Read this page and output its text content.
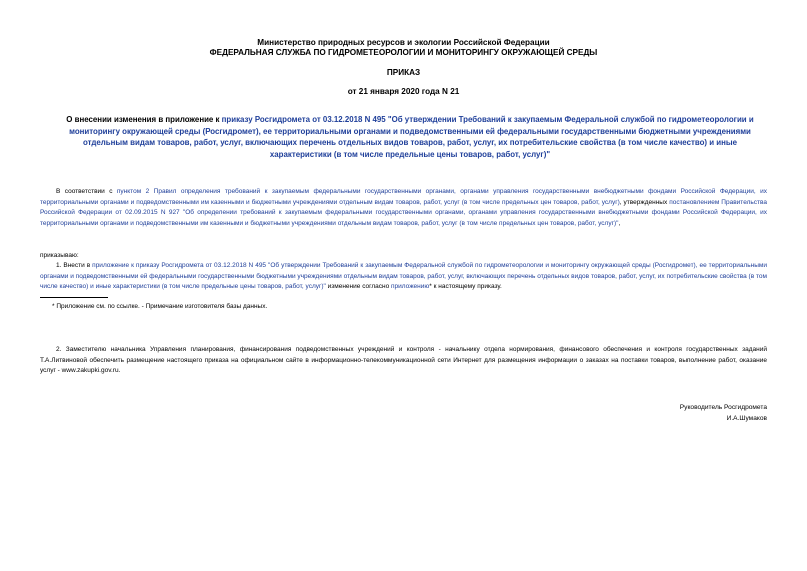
Министерство природных ресурсов и экологии Российской Федерации
ФЕДЕРАЛЬНАЯ СЛУЖБА ПО ГИДРОМЕТЕОРОЛОГИИ И МОНИТОРИНГУ ОКРУЖАЮЩЕЙ СРЕДЫ
ПРИКАЗ
от 21 января 2020 года N 21
О внесении изменения в приложение к приказу Росгидромета от 03.12.2018 N 495 "Об утверждении Требований к закупаемым Федеральной службой по гидрометеорологии и мониторингу окружающей среды (Росгидромет), ее территориальными органами и подведомственными ей федеральными государственными бюджетными учреждениями отдельным видам товаров, работ, услуг, включающих перечень отдельных видов товаров, работ, услуг, их потребительские свойства (в том числе качество) и иные характеристики (в том числе предельные цены товаров, работ, услуг)"
В соответствии с пунктом 2 Правил определения требований к закупаемым федеральными государственными органами, органами управления государственными внебюджетными фондами Российской Федерации, их территориальными органами и подведомственными им казенными и бюджетными учреждениями отдельным видам товаров, работ, услуг (в том числе предельных цен товаров, работ, услуг), утвержденных постановлением Правительства Российской Федерации от 02.09.2015 N 927 "Об определении требований к закупаемым федеральными государственными органами, органами управления государственными внебюджетными фондами Российской Федерации, их территориальными органами и подведомственными им казенными и бюджетными учреждениями отдельным видам товаров, работ, услуг (в том числе предельных цен товаров, работ, услуг)",
приказываю:
1. Внести в приложение к приказу Росгидромета от 03.12.2018 N 495 "Об утверждении Требований к закупаемым Федеральной службой по гидрометеорологии и мониторингу окружающей среды (Росгидромет), ее территориальными органами и подведомственными ей федеральными государственными бюджетными учреждениями отдельным видам товаров, работ, услуг, включающих перечень отдельных видов товаров, работ, услуг, их потребительские свойства (в том числе качество) и иные характеристики (в том числе предельные цены товаров, работ, услуг)" изменение согласно приложению* к настоящему приказу.
* Приложение см. по ссылке. - Примечание изготовителя базы данных.
2. Заместителю начальника Управления планирования, финансирования подведомственных учреждений и контроля - начальнику отдела нормирования, финансового обеспечения и контроля государственных заданий Т.А.Литвиновой обеспечить размещение настоящего приказа на официальном сайте в информационно-телекоммуникационной сети Интернет для размещения информации о заказах на поставки товаров, выполнение работ, оказание услуг - www.zakupki.gov.ru.
Руководитель Росгидромета
И.А.Шумаков
